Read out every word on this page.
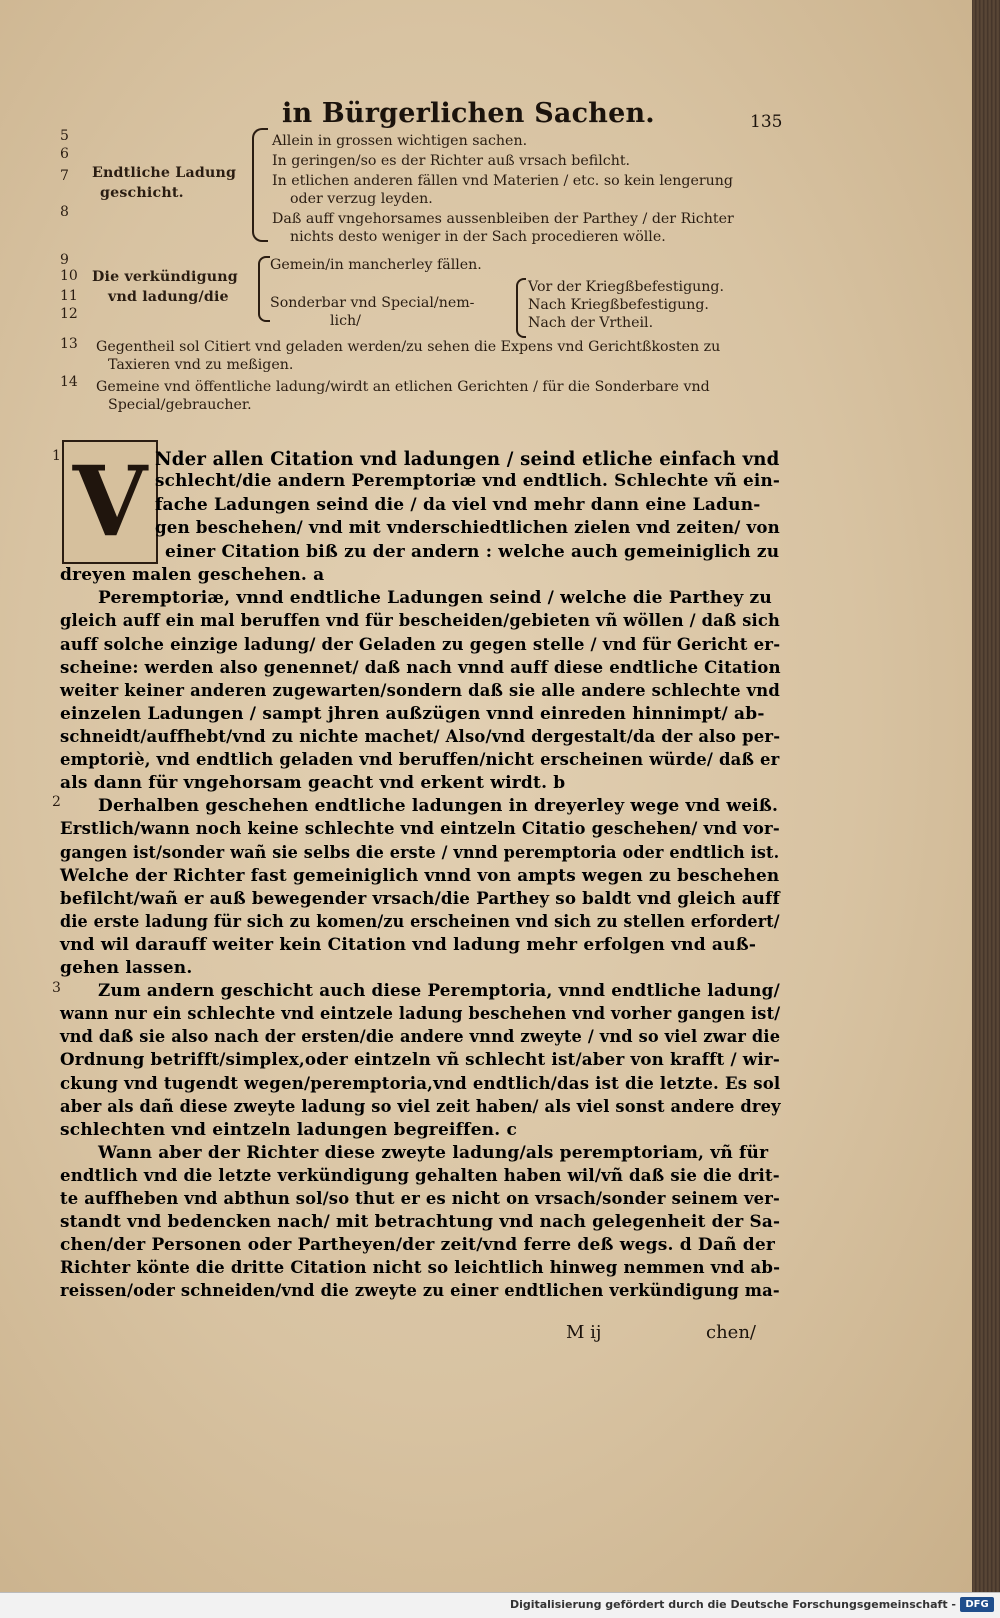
in Bürgerlichen Sachen.	135
5
6
7
8
9
10
11
12
13
14
Endtliche Ladung
geschicht.
Allein in grossen wichtigen sachen.
In geringen/so es der Richter auß vrsach befilcht.
In etlichen anderen fällen vnd Materien / etc. so kein lengerung
oder verzug leyden.
Daß auff vngehorsames aussenbleiben der Parthey / der Richter
nichts desto weniger in der Sach procedieren wölle.
Die verkündigung
vnd ladung/die
Gemein/in mancherley fällen.
Sonderbar vnd Special/nem-
lich/
Vor der Kriegßbefestigung.
Nach Kriegßbefestigung.
Nach der Vrtheil.
Gegentheil sol Citiert vnd geladen werden/zu sehen die Expens vnd Gerichtßkosten zu
Taxieren vnd zu meßigen.
Gemeine vnd öffentliche ladung/wirdt an etlichen Gerichten / für die Sonderbare vnd
Special/gebraucher.
V
1
2
3
Nder allen Citation vnd ladungen / seind etliche einfach vnd
schlecht/die andern Peremptoriæ vnd endtlich. Schlechte vñ ein-
fache Ladungen seind die / da viel vnd mehr dann eine Ladun-
gen beschehen/ vnd mit vnderschiedtlichen zielen vnd zeiten/ von
einer Citation biß zu der andern : welche auch gemeiniglich zu
dreyen malen geschehen. a
Peremptoriæ, vnnd endtliche Ladungen seind / welche die Parthey zu
gleich auff ein mal beruffen vnd für bescheiden/gebieten vñ wöllen / daß sich
auff solche einzige ladung/ der Geladen zu gegen stelle / vnd für Gericht er-
scheine: werden also genennet/ daß nach vnnd auff diese endtliche Citation
weiter keiner anderen zugewarten/sondern daß sie alle andere schlechte vnd
einzelen Ladungen / sampt jhren außzügen vnnd einreden hinnimpt/ ab-
schneidt/auffhebt/vnd zu nichte machet/ Also/vnd dergestalt/da der also per-
emptoriè, vnd endtlich geladen vnd beruffen/nicht erscheinen würde/ daß er
als dann für vngehorsam geacht vnd erkent wirdt. b
Derhalben geschehen endtliche ladungen in dreyerley wege vnd weiß.
Erstlich/wann noch keine schlechte vnd eintzeln Citatio geschehen/ vnd vor-
gangen ist/sonder wañ sie selbs die erste / vnnd peremptoria oder endtlich ist.
Welche der Richter fast gemeiniglich vnnd von ampts wegen zu beschehen
befilcht/wañ er auß bewegender vrsach/die Parthey so baldt vnd gleich auff
die erste ladung für sich zu komen/zu erscheinen vnd sich zu stellen erfordert/
vnd wil darauff weiter kein Citation vnd ladung mehr erfolgen vnd auß-
gehen lassen.
Zum andern geschicht auch diese Peremptoria, vnnd endtliche ladung/
wann nur ein schlechte vnd eintzele ladung beschehen vnd vorher gangen ist/
vnd daß sie also nach der ersten/die andere vnnd zweyte / vnd so viel zwar die
Ordnung betrifft/simplex,oder eintzeln vñ schlecht ist/aber von krafft / wir-
ckung vnd tugendt wegen/peremptoria,vnd endtlich/das ist die letzte. Es sol
aber als dañ diese zweyte ladung so viel zeit haben/ als viel sonst andere drey
schlechten vnd eintzeln ladungen begreiffen. c
Wann aber der Richter diese zweyte ladung/als peremptoriam, vñ für
endtlich vnd die letzte verkündigung gehalten haben wil/vñ daß sie die drit-
te auffheben vnd abthun sol/so thut er es nicht on vrsach/sonder seinem ver-
standt vnd bedencken nach/ mit betrachtung vnd nach gelegenheit der Sa-
chen/der Personen oder Partheyen/der zeit/vnd ferre deß wegs. d Dañ der
Richter könte die dritte Citation nicht so leichtlich hinweg nemmen vnd ab-
reissen/oder schneiden/vnd die zweyte zu einer endtlichen verkündigung ma-
M ij	chen/
Digitalisierung gefördert durch die Deutsche Forschungsgemeinschaft - DFG
